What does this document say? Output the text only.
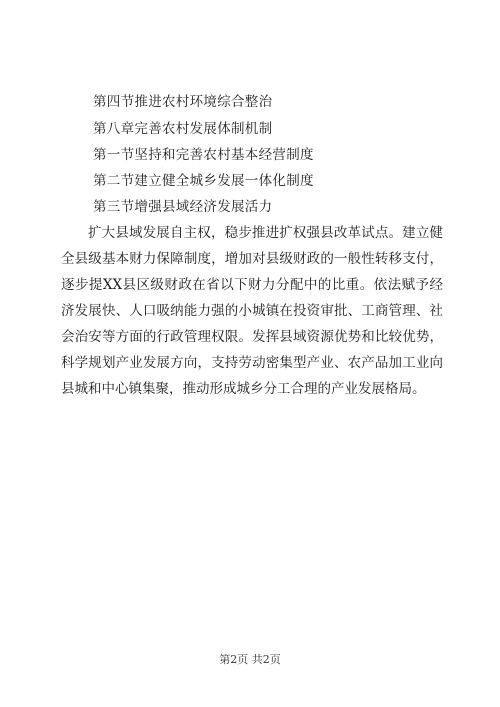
第四节推进农村环境综合整治
第八章完善农村发展体制机制
第一节坚持和完善农村基本经营制度
第二节建立健全城乡发展一体化制度
第三节增强县域经济发展活力
扩大县域发展自主权，稳步推进扩权强县改革试点。建立健
全县级基本财力保障制度，增加对县级财政的一般性转移支付，
逐步提XX县区级财政在省以下财力分配中的比重。依法赋予经
济发展快、人口吸纳能力强的小城镇在投资审批、工商管理、社
会治安等方面的行政管理权限。发挥县域资源优势和比较优势，
科学规划产业发展方向，支持劳动密集型产业、农产品加工业向
县城和中心镇集聚，推动形成城乡分工合理的产业发展格局。
第2页 共2页
